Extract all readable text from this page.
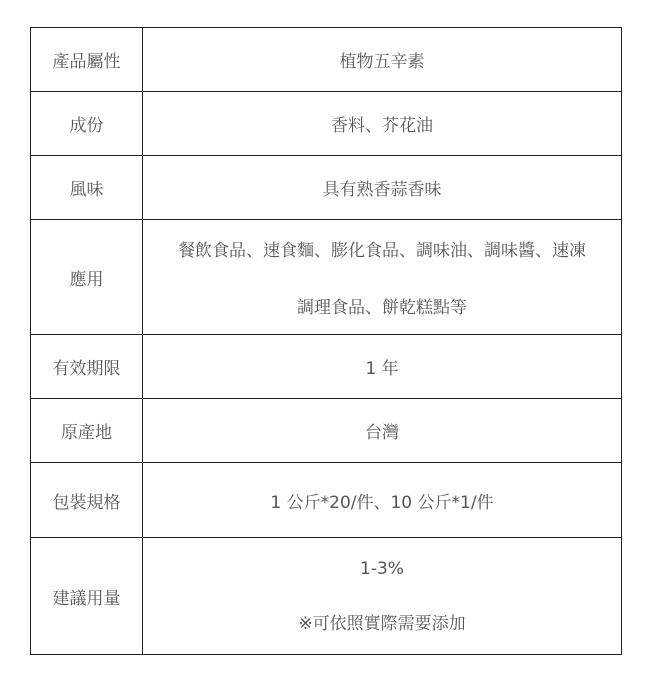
產品屬性	植物五辛素

成份	香料、芥花油

風味	具有熟香蒜香味

應用	餐飲食品、速食麵、膨化食品、調味油、調味醬、速凍
調理食品、餅乾糕點等

有效期限	1 年

原產地	台灣

包裝規格	1 公斤*20/件、10 公斤*1/件

建議用量	1-3%
※可依照實際需要添加
